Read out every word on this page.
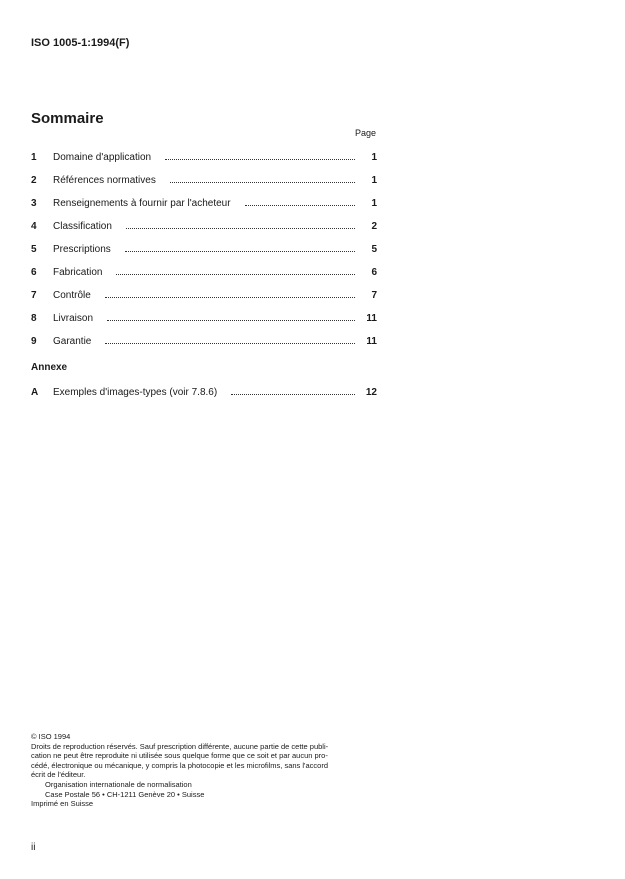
ISO 1005-1:1994(F)
Sommaire
Page
1	Domaine d'application	1
2	Références normatives	1
3	Renseignements à fournir par l'acheteur	1
4	Classification	2
5	Prescriptions	5
6	Fabrication	6
7	Contrôle	7
8	Livraison	11
9	Garantie	11
Annexe
A	Exemples d'images-types (voir 7.8.6)	12
© ISO 1994
Droits de reproduction réservés. Sauf prescription différente, aucune partie de cette publi-
cation ne peut être reproduite ni utilisée sous quelque forme que ce soit et par aucun pro-
cédé, électronique ou mécanique, y compris la photocopie et les microfilms, sans l'accord
écrit de l'éditeur.
Organisation internationale de normalisation
Case Postale 56 • CH-1211 Genève 20 • Suisse
Imprimé en Suisse
ii
